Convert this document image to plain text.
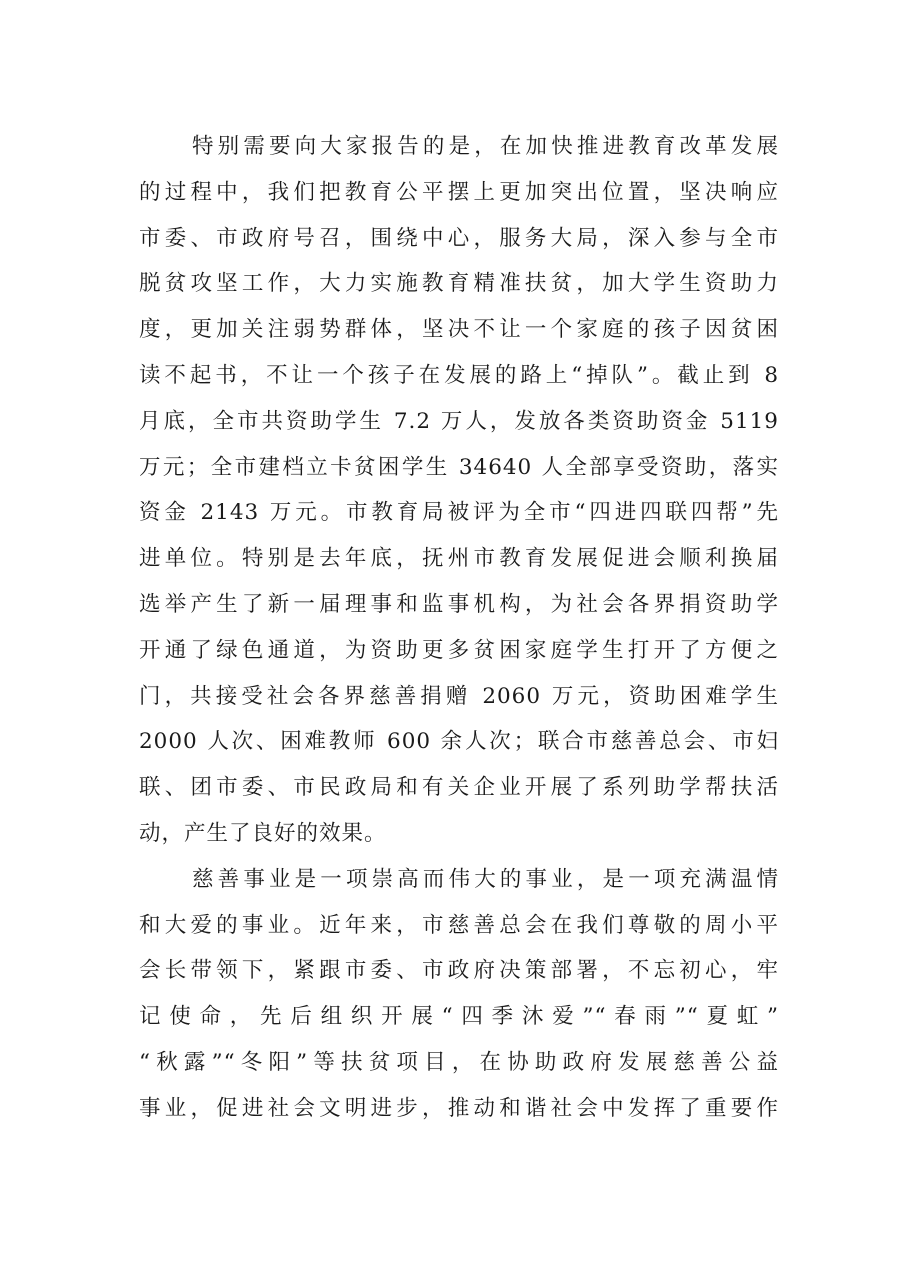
特别需要向大家报告的是，在加快推进教育改革发展
的过程中，我们把教育公平摆上更加突出位置，坚决响应
市委、市政府号召，围绕中心，服务大局，深入参与全市
脱贫攻坚工作，大力实施教育精准扶贫，加大学生资助力
度，更加关注弱势群体，坚决不让一个家庭的孩子因贫困
读不起书，不让一个孩子在发展的路上“掉队”。截止到 8
月底，全市共资助学生 7.2 万人，发放各类资助资金 5119
万元；全市建档立卡贫困学生 34640 人全部享受资助，落实
资金 2143 万元。市教育局被评为全市“四进四联四帮”先
进单位。特别是去年底，抚州市教育发展促进会顺利换届
选举产生了新一届理事和监事机构，为社会各界捐资助学
开通了绿色通道，为资助更多贫困家庭学生打开了方便之
门，共接受社会各界慈善捐赠 2060 万元，资助困难学生
2000 人次、困难教师 600 余人次；联合市慈善总会、市妇
联、团市委、市民政局和有关企业开展了系列助学帮扶活
动，产生了良好的效果。
慈善事业是一项崇高而伟大的事业，是一项充满温情
和大爱的事业。近年来，市慈善总会在我们尊敬的周小平
会长带领下，紧跟市委、市政府决策部署，不忘初心，牢
记使命，先后组织开展“四季沐爱”“春雨”“夏虹”
“秋露”“冬阳”等扶贫项目，在协助政府发展慈善公益
事业，促进社会文明进步，推动和谐社会中发挥了重要作
